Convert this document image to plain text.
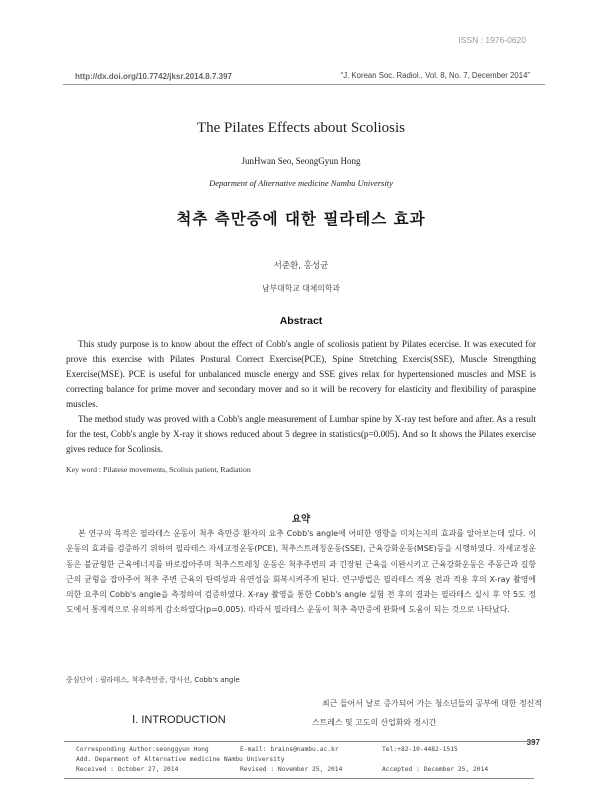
ISSN : 1976-0620
http://dx.doi.org/10.7742/jksr.2014.8.7.397	“J. Korean Soc. Radiol., Vol. 8, No. 7, December 2014”
The Pilates Effects about Scoliosis
JunHwan Seo, SeongGyun Hong
Deparment of Alternative medicine Nambu University
척추 측만증에 대한 필라테스 효과
서준환, 홍성균
남부대학교 대체의학과
Abstract

This study purpose is to know about the effect of Cobb's angle of scoliosis patient by Pilates ecercise. It was executed for prove this exercise with Pilates Postural Correct Exercise(PCE), Spine Stretching Exercis(SSE), Muscle Strengthing Exercise(MSE). PCE is useful for unbalanced muscle energy and SSE gives relax for hypertensioned muscles and MSE is correcting balance for prime mover and secondary mover and so it will be recovery for elasticity and flexibility of paraspine muscles.

The method study was proved with a Cobb's angle measurement of Lumbar spine by X-ray test before and after. As a result for the test, Cobb's angle by X-ray it shows reduced about 5 degree in statistics(p=0.005). And so It shows the Pilates exercise gives reduce for Scoliosis.

Key word : Pilatese movements, Scolisis patient, Radiation
요약

본 연구의 목적은 필라테스 운동이 척추 측만증 환자의 요추 Cobb's angle에 어떠한 영향을 미치는지의 효과를 알아보는데 있다. 이 운동의 효과를 검증하기 위하여 필라테스 자세교정운동(PCE), 척추스트레칭운동(SSE), 근육강화운동(MSE)등을 시행하였다. 자세교정운동은 불균형한 근육에너지를 바로잡아주며 척추스트레칭 운동은 척추주변의 과 긴장된 근육을 이완시키고 근육강화운동은 주동근과 길항근의 균형을 잡아주어 척추 주변 근육의 탄력성과 유연성을 회복시켜주게 된다. 연구방법은 필라테스 적용 전과 적용 후의 X-ray 촬영에 의한 요추의 Cobb's angle을 측정하여 검증하였다. X-ray 촬영을 통한 Cobb's angle 실험 전 후의 결과는 필라테스 실시 후 약 5도 정도에서 통계적으로 유의하게 감소하였다(p=0.005). 따라서 필라테스 운동이 척추 측만증에 완화에 도움이 되는 것으로 나타났다.

중심단어 : 필라테스, 척추측만증, 방사선, Cobb's angle
Ⅰ. INTRODUCTION

최근 들어서 날로 증가되어 가는 청소년들의 공부에 대한 정신적 스트레스 및 고도의 산업화와 정시간

397
Corresponding Author:seonggyun Hong	E-mail: brains@nambu.ac.kr	Tel:+82-10-4482-1515
Add. Deparment of Alternative medicine Nambu University
Received : October 27, 2014	Revised : November 25, 2014	Accepted : December 25, 2014
